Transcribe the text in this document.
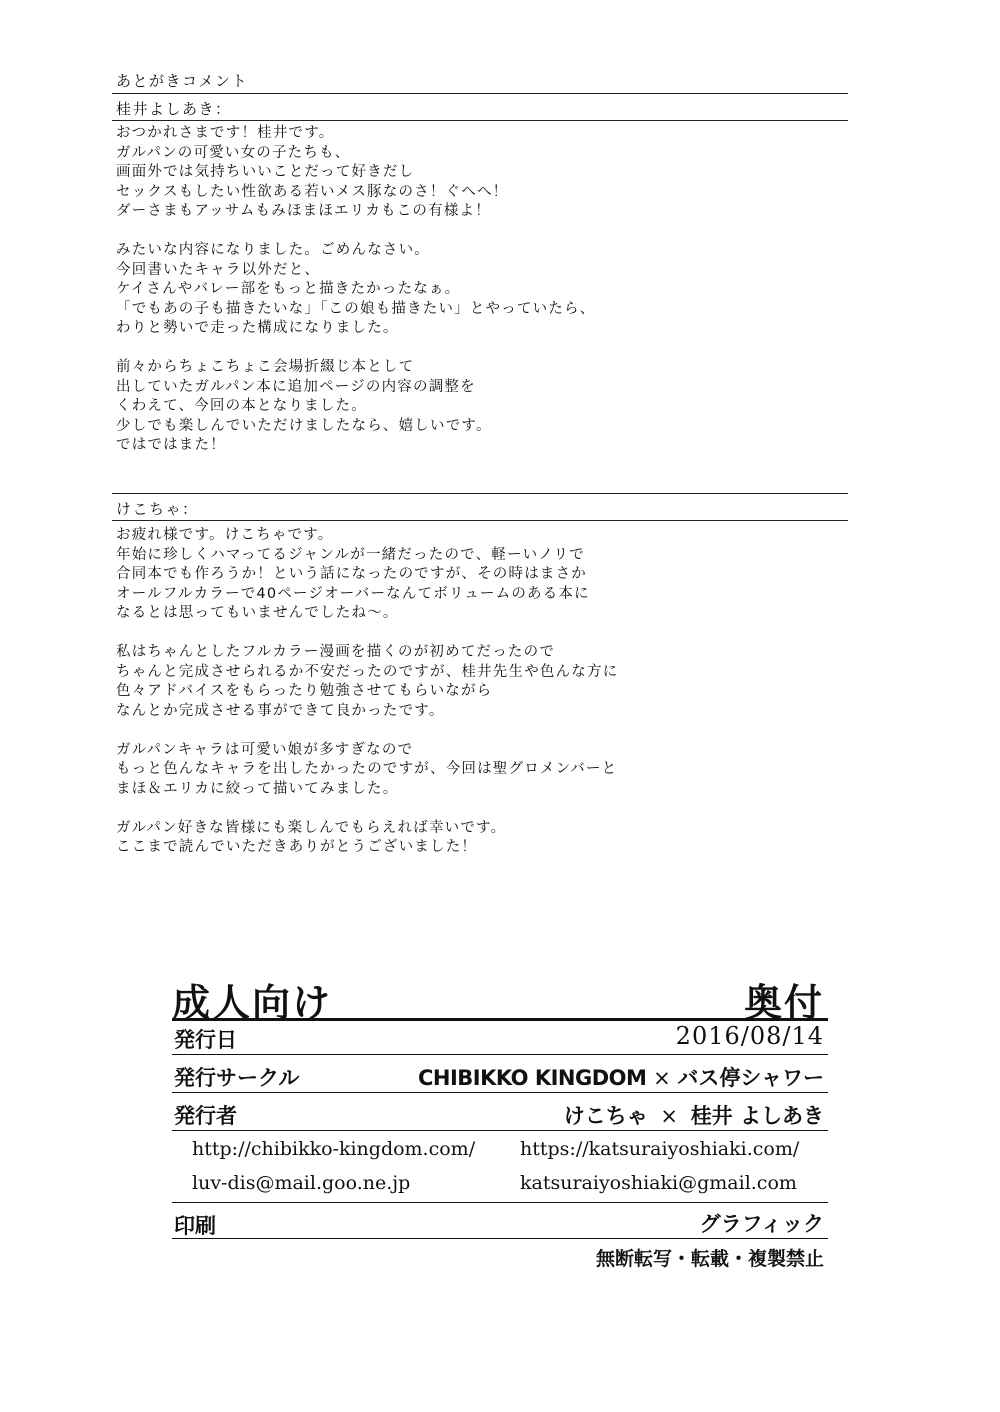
あとがきコメント
桂井よしあき：
おつかれさまです！桂井です。
ガルパンの可愛い女の子たちも、
画面外では気持ちいいことだって好きだし
セックスもしたい性欲ある若いメス豚なのさ！ぐへへ！
ダーさまもアッサムもみほまほエリカもこの有様よ！

みたいな内容になりました。ごめんなさい。
今回書いたキャラ以外だと、
ケイさんやバレー部をもっと描きたかったなぁ。
「でもあの子も描きたいな」「この娘も描きたい」とやっていたら、
わりと勢いで走った構成になりました。

前々からちょこちょこ会場折綴じ本として
出していたガルパン本に追加ページの内容の調整を
くわえて、今回の本となりました。
少しでも楽しんでいただけましたなら、嬉しいです。
ではではまた！
けこちゃ：
お疲れ様です。けこちゃです。
年始に珍しくハマってるジャンルが一緒だったので、軽ーいノリで
合同本でも作ろうか！という話になったのですが、その時はまさか
オールフルカラーで40ページオーバーなんてボリュームのある本に
なるとは思ってもいませんでしたね～。

私はちゃんとしたフルカラー漫画を描くのが初めてだったので
ちゃんと完成させられるか不安だったのですが、桂井先生や色んな方に
色々アドバイスをもらったり勉強させてもらいながら
なんとか完成させる事ができて良かったです。

ガルパンキャラは可愛い娘が多すぎなので
もっと色んなキャラを出したかったのですが、今回は聖グロメンバーと
まほ＆エリカに絞って描いてみました。

ガルパン好きな皆様にも楽しんでもらえれば幸いです。
ここまで読んでいただきありがとうございました！
成人向け	奥付
発行日	2016/08/14
発行サークル	CHIBIKKO KINGDOM × バス停シャワー
発行者	けこちゃ × 桂井 よしあき
http://chibikko-kingdom.com/ https://katsuraiyoshiaki.com/
luv-dis@mail.goo.ne.jp	katsuraiyoshiaki@gmail.com
印刷	グラフィック
無断転写・転載・複製禁止
